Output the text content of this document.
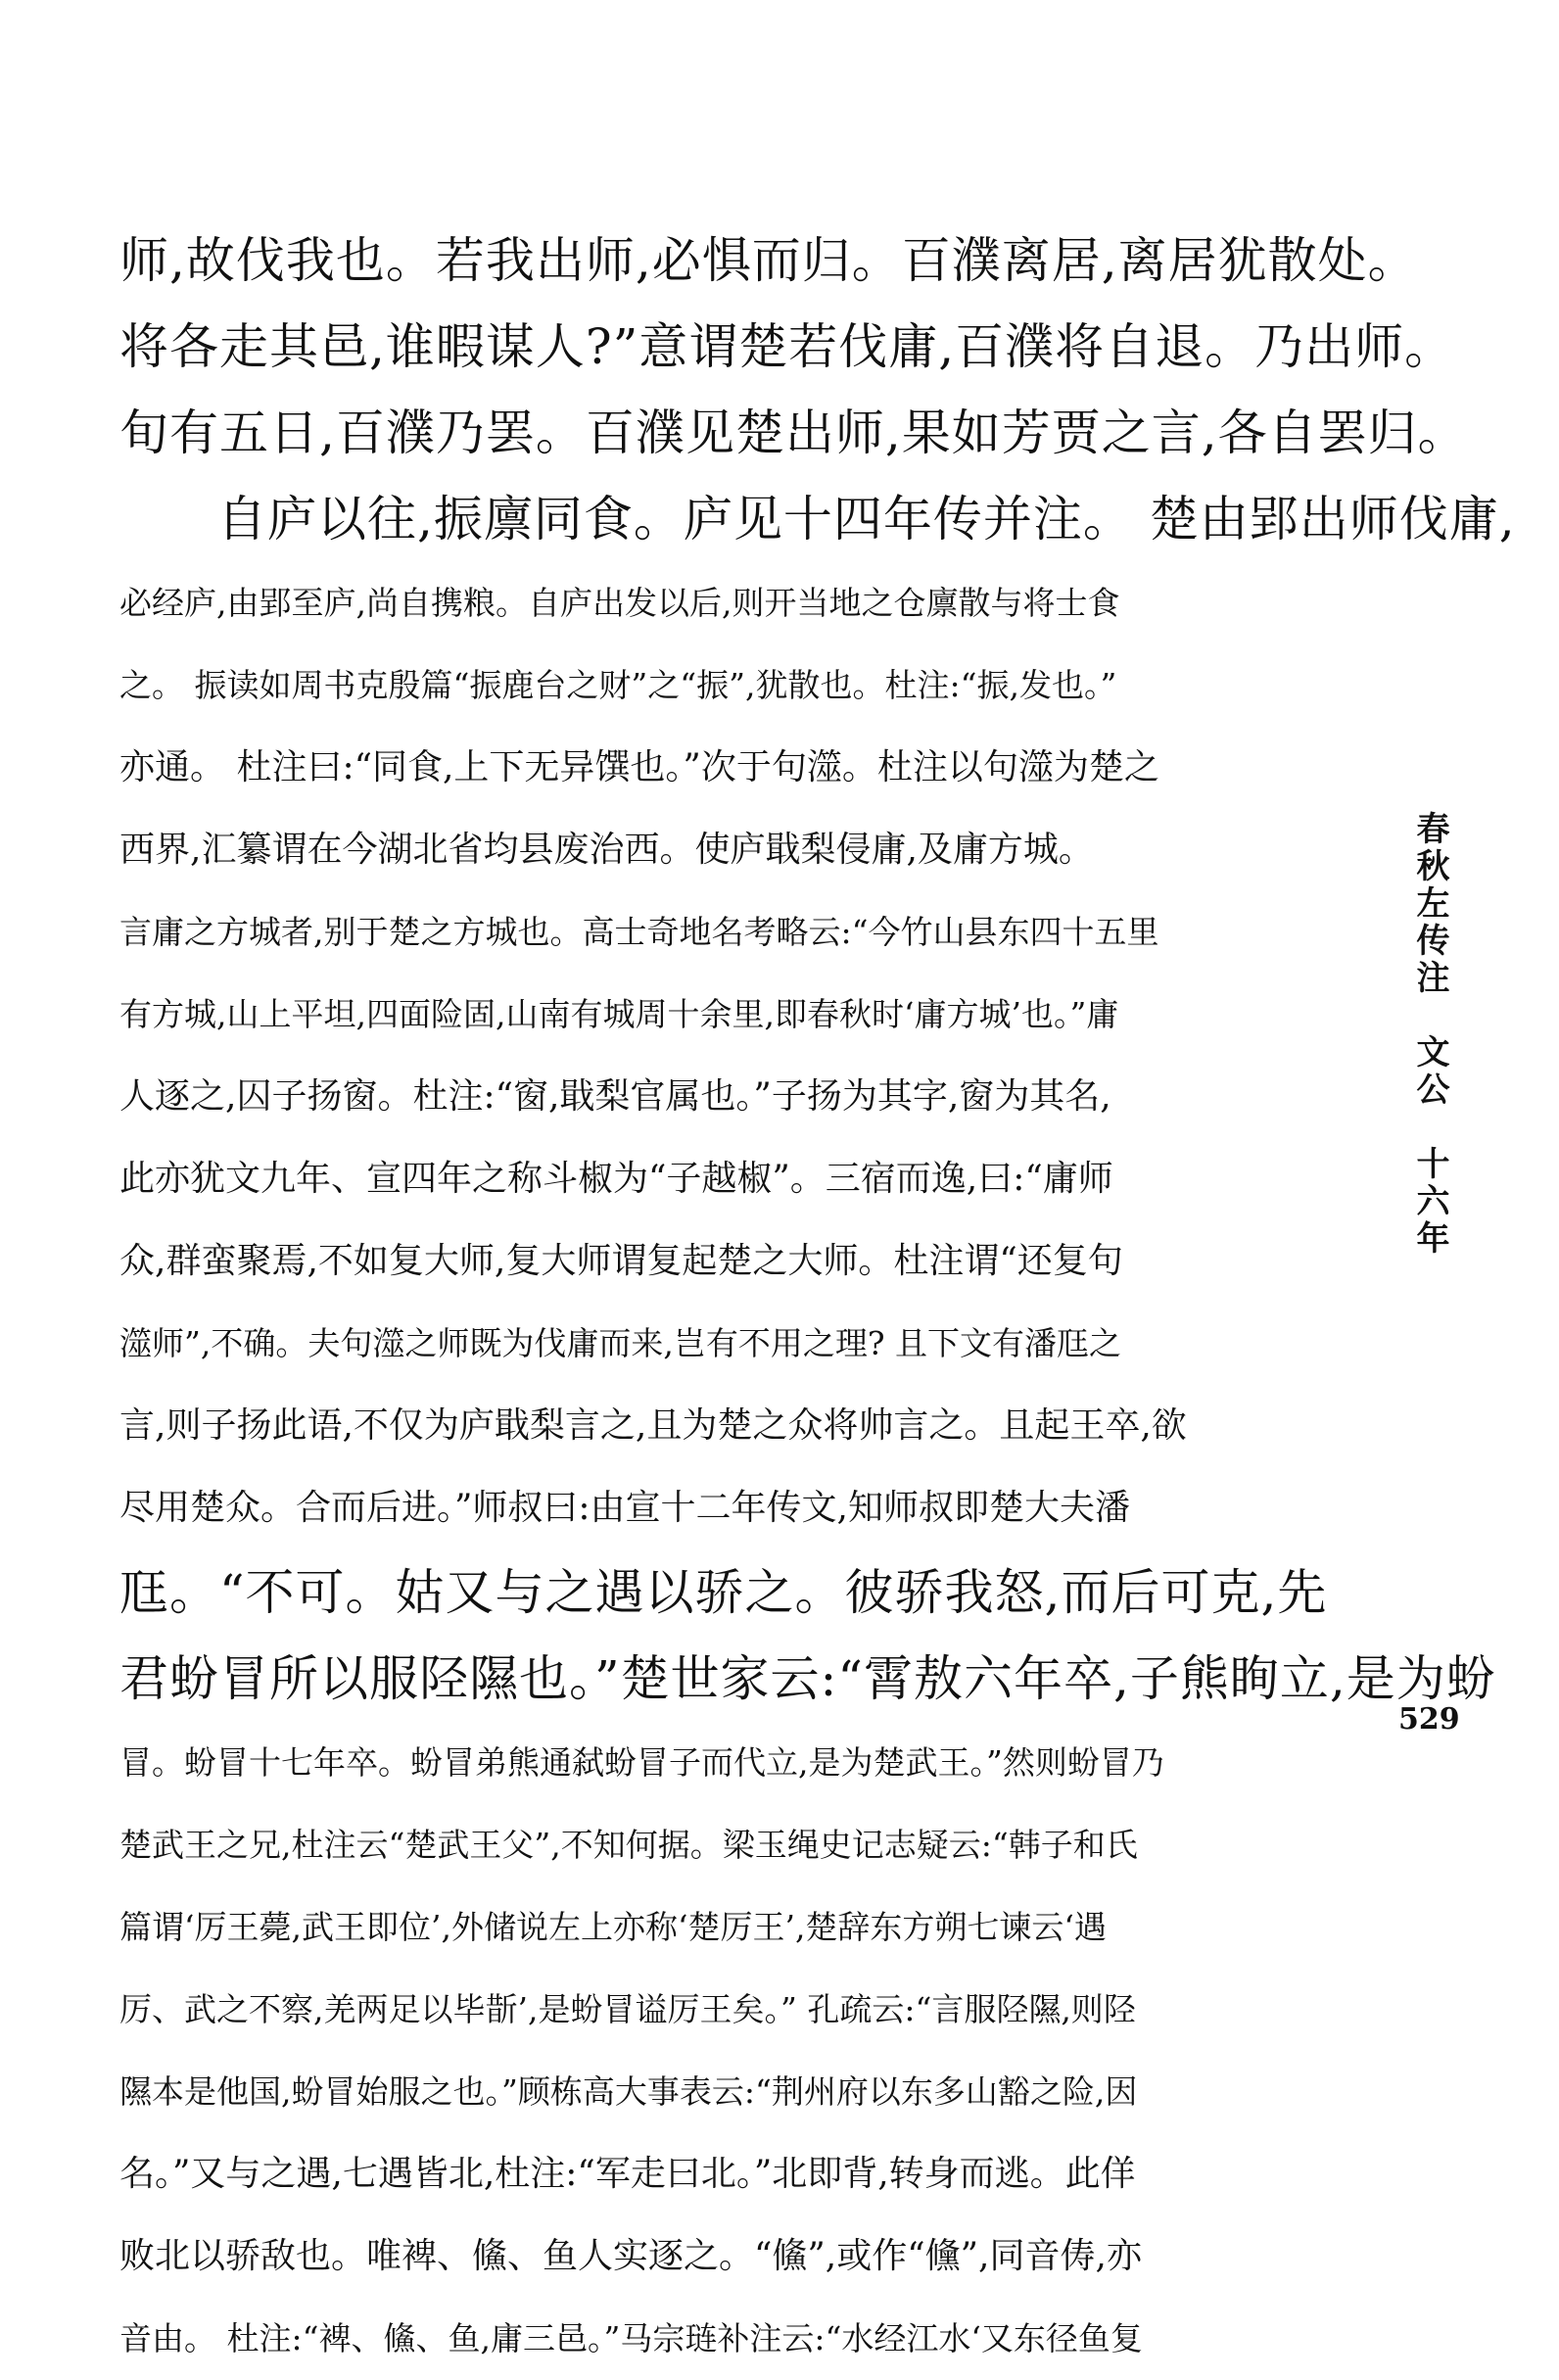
师,故伐我也。若我出师,必惧而归。百濮离居,离居犹散处。
将各走其邑,谁暇谋人?”意谓楚若伐庸,百濮将自退。乃出师。
旬有五日,百濮乃罢。百濮见楚出师,果如芳贾之言,各自罢归。
自庐以往,振廪同食。庐见十四年传并注。 楚由郢出师伐庸,
必经庐,由郢至庐,尚自携粮。自庐出发以后,则开当地之仓廪散与将士食
之。 振读如周书克殷篇“振鹿台之财”之“振”,犹散也。杜注:“振,发也。”
亦通。 杜注曰:“同食,上下无异馔也。”次于句澨。杜注以句澨为楚之
西界,汇纂谓在今湖北省均县废治西。使庐戢梨侵庸,及庸方城。
言庸之方城者,别于楚之方城也。高士奇地名考略云:“今竹山县东四十五里
有方城,山上平坦,四面险固,山南有城周十余里,即春秋时‘庸方城’也。”庸
人逐之,囚子扬窗。杜注:“窗,戢梨官属也。”子扬为其字,窗为其名,
此亦犹文九年、宣四年之称斗椒为“子越椒”。三宿而逸,曰:“庸师
众,群蛮聚焉,不如复大师,复大师谓复起楚之大师。杜注谓“还复句
澨师”,不确。夫句澨之师既为伐庸而来,岂有不用之理? 且下文有潘尫之
言,则子扬此语,不仅为庐戢梨言之,且为楚之众将帅言之。且起王卒,欲
尽用楚众。合而后进。”师叔曰:由宣十二年传文,知师叔即楚大夫潘
尫。“不可。姑又与之遇以骄之。彼骄我怒,而后可克,先
君蚡冒所以服陉隰也。”楚世家云:“霄敖六年卒,子熊眴立,是为蚡
冒。蚡冒十七年卒。蚡冒弟熊通弑蚡冒子而代立,是为楚武王。”然则蚡冒乃
楚武王之兄,杜注云“楚武王父”,不知何据。梁玉绳史记志疑云:“韩子和氏
篇谓‘厉王薨,武王即位’,外储说左上亦称‘楚厉王’,楚辞东方朔七谏云‘遇
厉、武之不察,羌两足以毕斮’,是蚡冒谥厉王矣。” 孔疏云:“言服陉隰,则陉
隰本是他国,蚡冒始服之也。”顾栋高大事表云:“荆州府以东多山豁之险,因
名。”又与之遇,七遇皆北,杜注:“军走曰北。”北即背,转身而逃。此佯
败北以骄敌也。唯裨、鯈、鱼人实逐之。“鯈”,或作“儵”,同音俦,亦
音由。 杜注:“裨、鯈、鱼,庸三邑。”马宗琏补注云:“水经江水‘又东径鱼复
春秋左传注　文公　十六年
529
